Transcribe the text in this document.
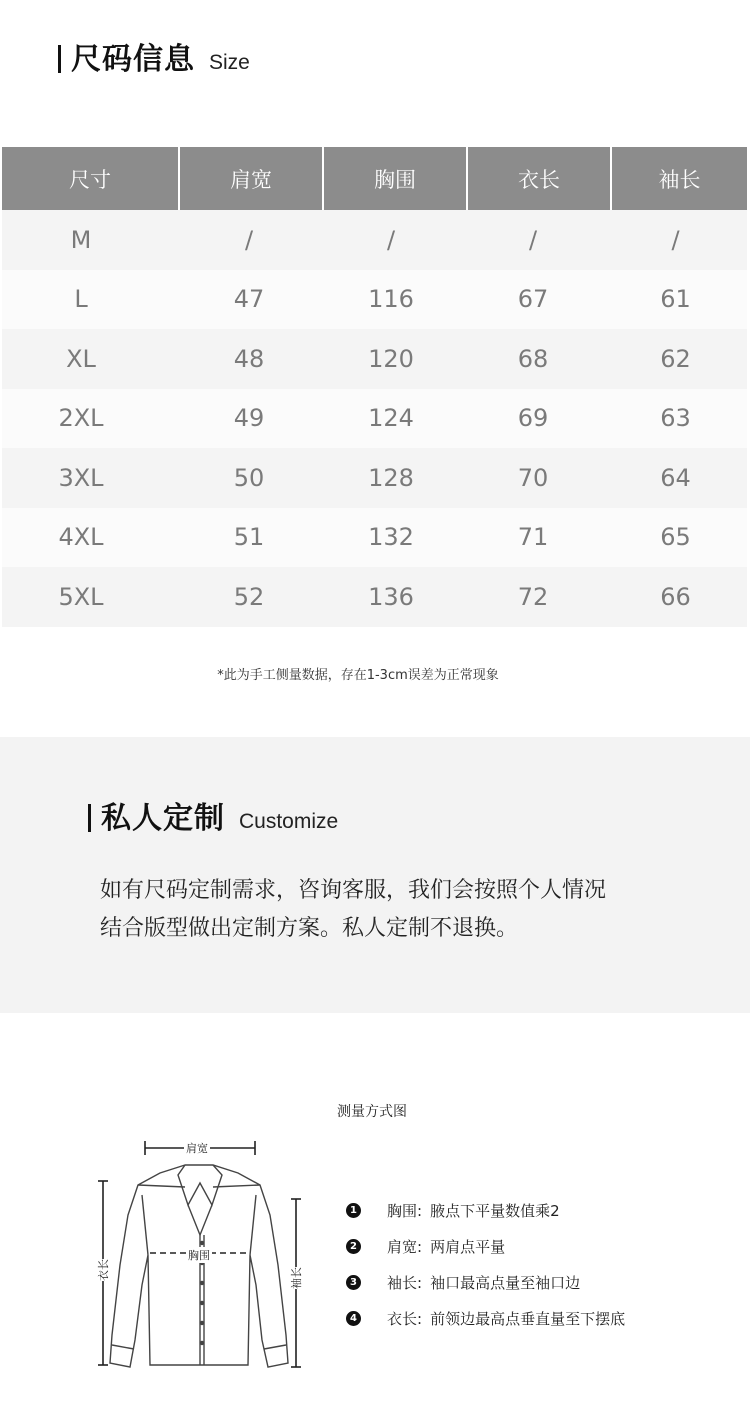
尺码信息 Size
尺寸	肩宽	胸围	衣长	袖长
M	/	/	/	/
L	47	116	67	61
XL	48	120	68	62
2XL	49	124	69	63
3XL	50	128	70	64
4XL	51	132	71	65
5XL	52	136	72	66
*此为手工侧量数据，存在1-3cm误差为正常现象
私人定制 Customize
如有尺码定制需求，咨询客服，我们会按照个人情况
结合版型做出定制方案。私人定制不退换。
测量方式图
肩宽
胸围
衣长	袖长
1 胸围: 腋点下平量数值乘2
2 肩宽: 两肩点平量
3 袖长: 袖口最高点量至袖口边
4 衣长: 前领边最高点垂直量至下摆底
